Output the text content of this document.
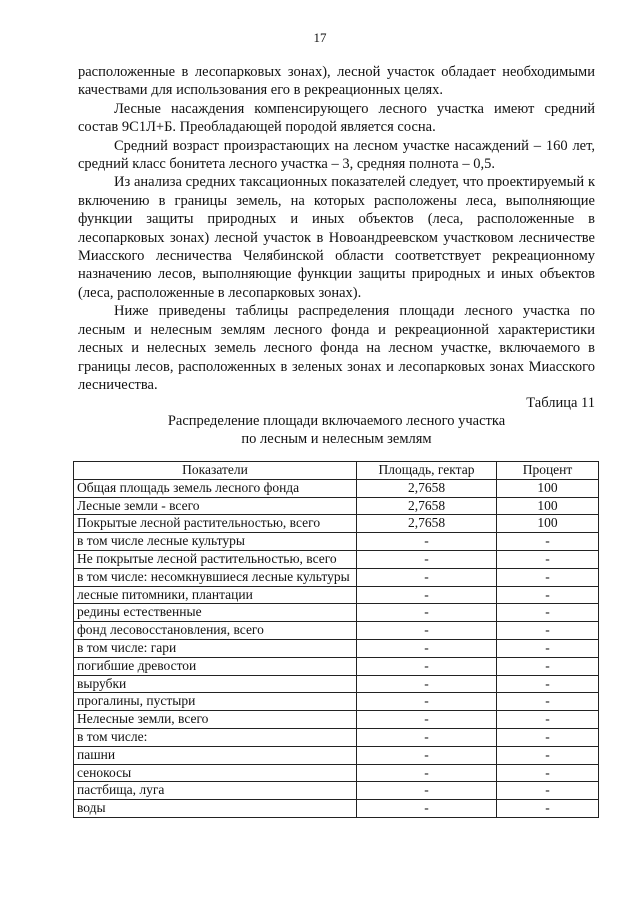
17

расположенные в лесопарковых зонах), лесной участок обладает необходимыми качествами для использования его в рекреационных целях.

Лесные насаждения компенсирующего лесного участка имеют средний состав 9С1Л+Б. Преобладающей породой является сосна.

Средний возраст произрастающих на лесном участке насаждений – 160 лет, средний класс бонитета лесного участка – 3, средняя полнота – 0,5.

Из анализа средних таксационных показателей следует, что проектируемый к включению в границы земель, на которых расположены леса, выполняющие функции защиты природных и иных объектов (леса, расположенные в лесопарковых зонах) лесной участок в Новоандреевском участковом лесничестве Миасского лесничества Челябинской области соответствует рекреационному назначению лесов, выполняющие функции защиты природных и иных объектов (леса, расположенные в лесопарковых зонах).

Ниже приведены таблицы распределения площади лесного участка по лесным и нелесным землям лесного фонда и рекреационной характеристики лесных и нелесных земель лесного фонда на лесном участке, включаемого в границы лесов, расположенных в зеленых зонах и лесопарковых зонах Миасского лесничества.

Таблица 11
Распределение площади включаемого лесного участка
по лесным и нелесным землям
Показатели	Площадь, гектар	Процент
Общая площадь земель лесного фонда	2,7658	100
Лесные земли - всего	2,7658	100
Покрытые лесной растительностью, всего	2,7658	100
в том числе лесные культуры	-	-
Не покрытые лесной растительностью, всего	-	-
в том числе: несомкнувшиеся лесные культуры	-	-
лесные питомники, плантации	-	-
редины естественные	-	-
фонд лесовосстановления, всего	-	-
в том числе: гари	-	-
погибшие древостои	-	-
вырубки	-	-
прогалины, пустыри	-	-
Нелесные земли, всего	-	-
в том числе:	-	-
пашни	-	-
сенокосы	-	-
пастбища, луга	-	-
воды	-	-
